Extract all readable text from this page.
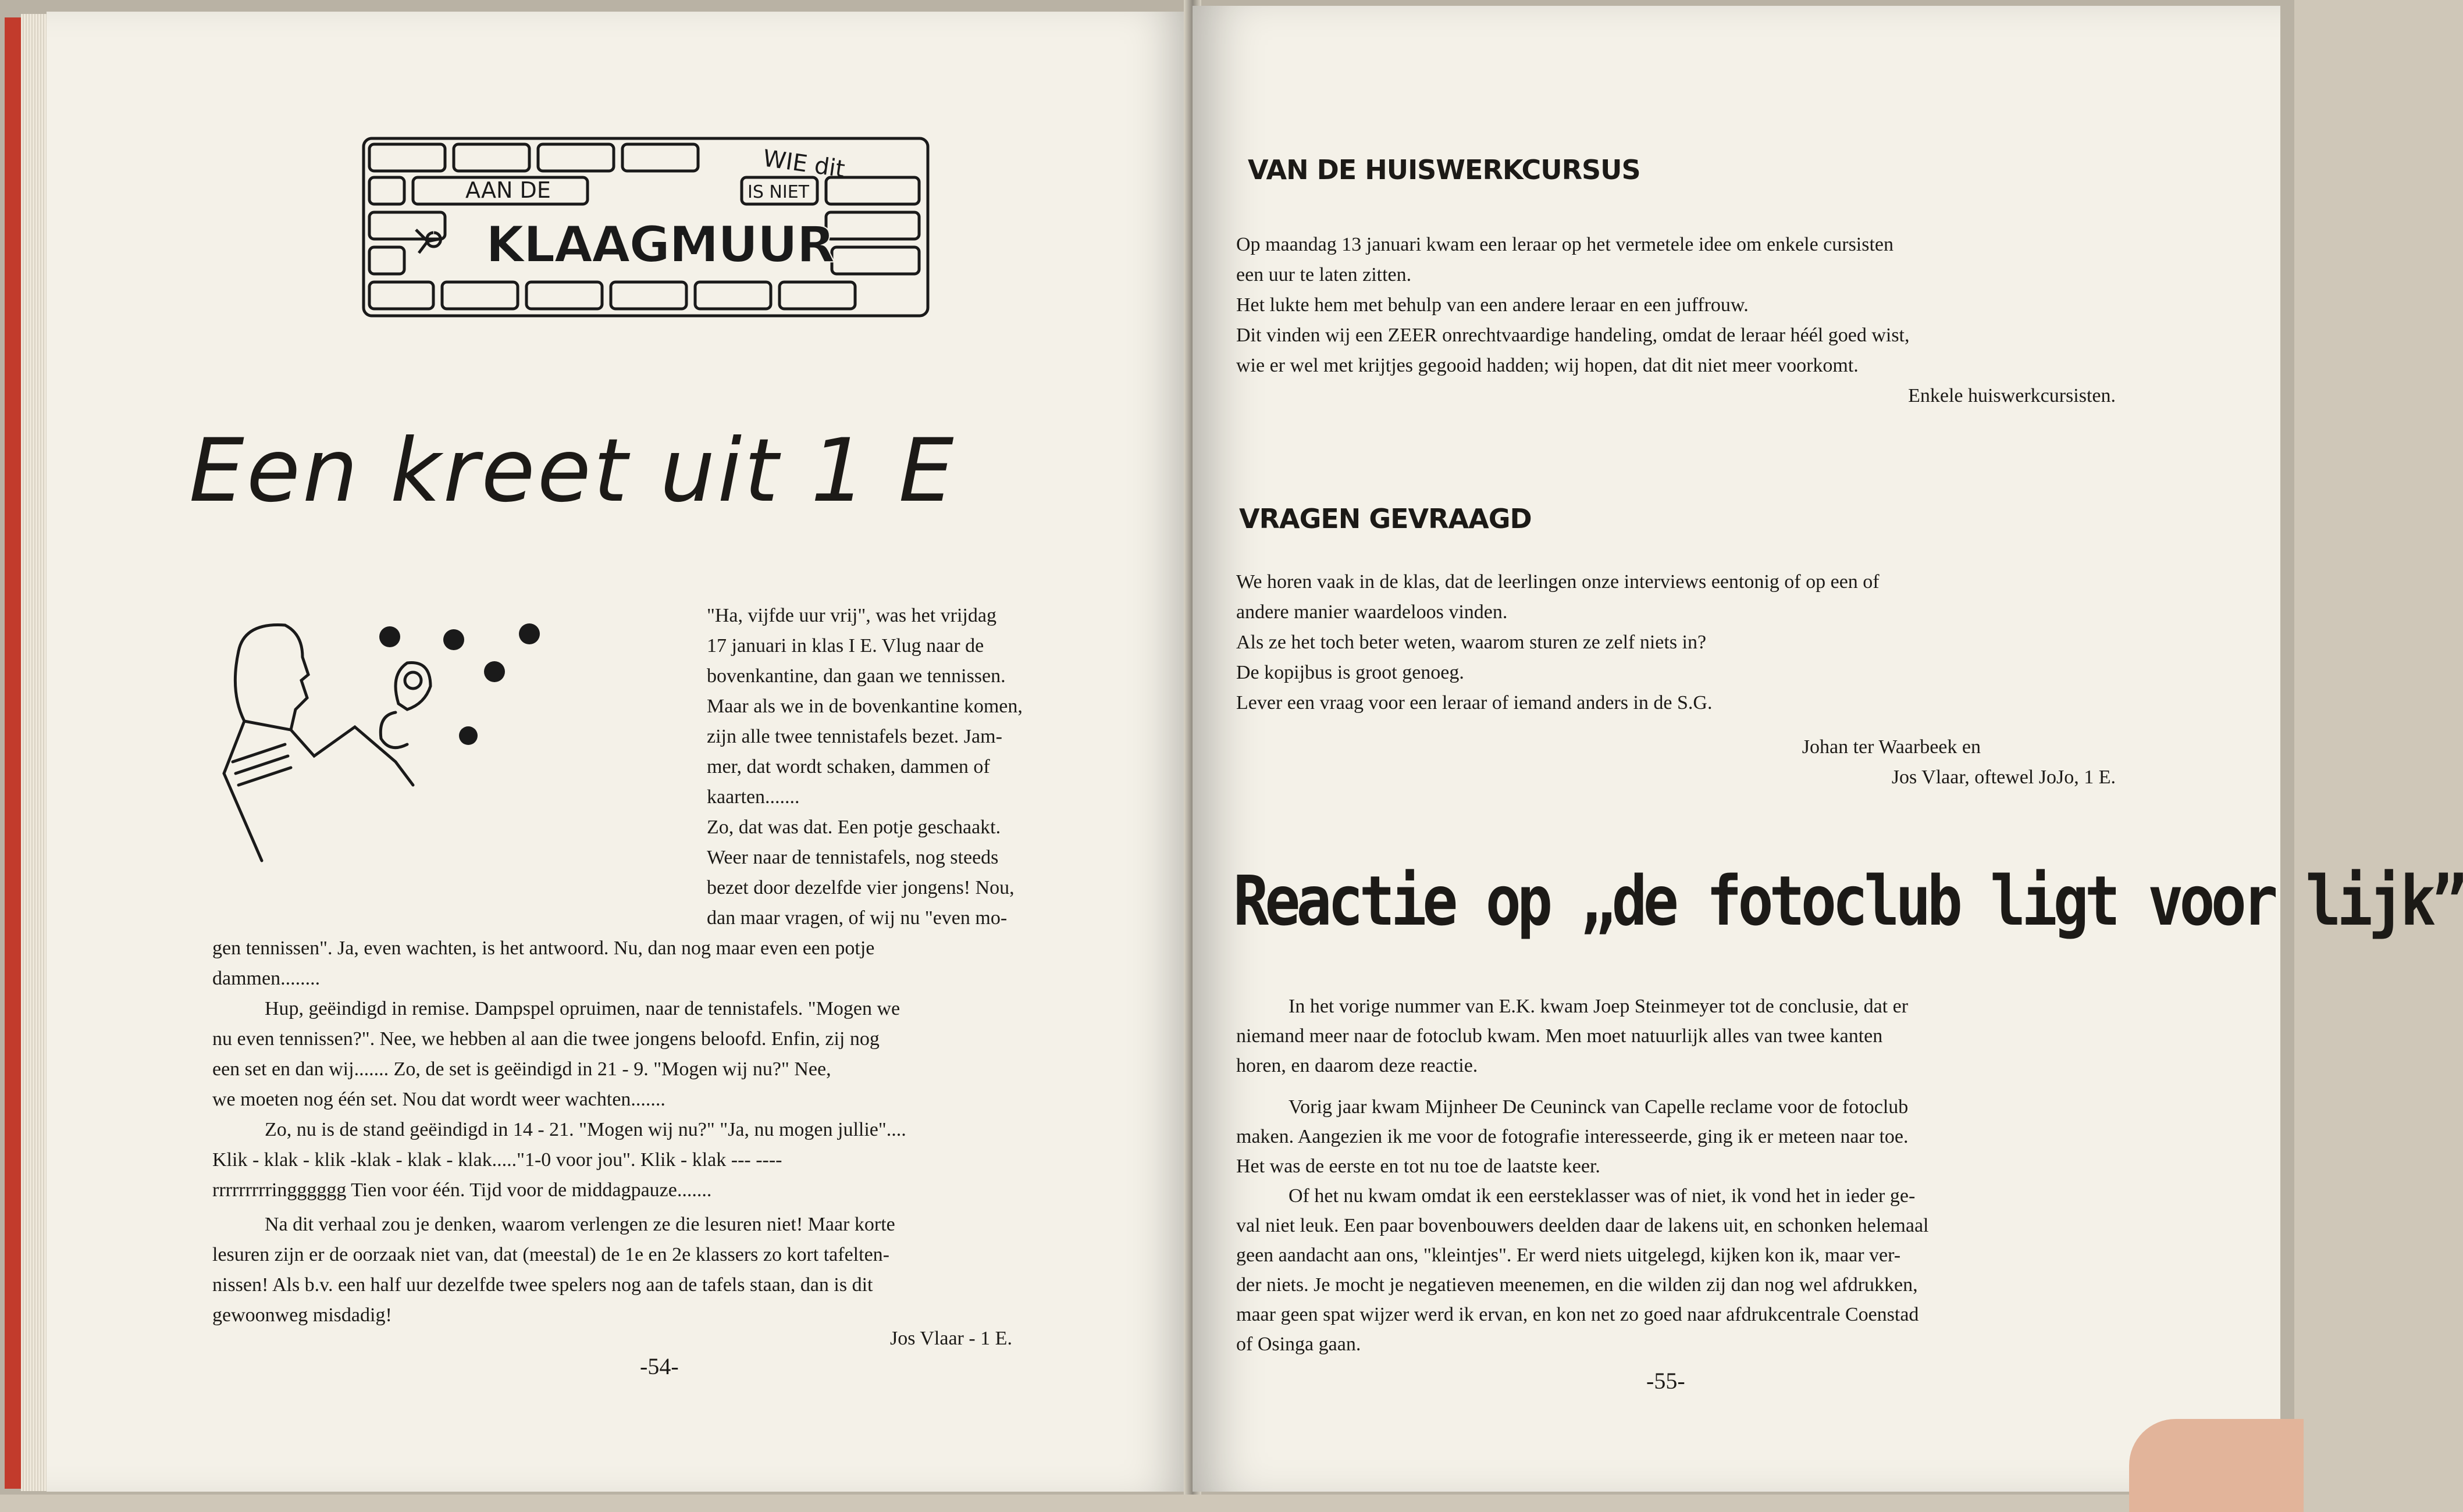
WIE dit
AAN DE	IS NIET
KLAAGMUUR
Een kreet uit 1 E

"Ha, vijfde uur vrij", was het vrijdag

17 januari in klas I E. Vlug naar de

bovenkantine, dan gaan we tennissen.

Maar als we in de bovenkantine komen,

zijn alle twee tennistafels bezet. Jam-

mer, dat wordt schaken, dammen of

kaarten.......

Zo, dat was dat. Een potje geschaakt.

Weer naar de tennistafels, nog steeds

bezet door dezelfde vier jongens! Nou,

dan maar vragen, of wij nu "even mo-

gen tennissen". Ja, even wachten, is het antwoord. Nu, dan nog maar even een potje

dammen........

Hup, geëindigd in remise. Dampspel opruimen, naar de tennistafels. "Mogen we

nu even tennissen?". Nee, we hebben al aan die twee jongens beloofd. Enfin, zij nog

een set en dan wij....... Zo, de set is geëindigd in 21 - 9. "Mogen wij nu?" Nee,

we moeten nog één set. Nou dat wordt weer wachten.......

Zo, nu is de stand geëindigd in 14 - 21. "Mogen wij nu?" "Ja, nu mogen jullie"....

Klik - klak - klik -klak - klak - klak....."1-0 voor jou". Klik - klak --- ----

rrrrrrrrringggggg Tien voor één. Tijd voor de middagpauze.......

Na dit verhaal zou je denken, waarom verlengen ze die lesuren niet! Maar korte

lesuren zijn er de oorzaak niet van, dat (meestal) de 1e en 2e klassers zo kort tafelten-

nissen! Als b.v. een half uur dezelfde twee spelers nog aan de tafels staan, dan is dit

gewoonweg misdadig!

Jos Vlaar - 1 E.

-54-

VAN DE HUISWERKCURSUS

Op maandag 13 januari kwam een leraar op het vermetele idee om enkele cursisten

een uur te laten zitten.

Het lukte hem met behulp van een andere leraar en een juffrouw.

Dit vinden wij een ZEER onrechtvaardige handeling, omdat de leraar héél goed wist,

wie er wel met krijtjes gegooid hadden; wij hopen, dat dit niet meer voorkomt.

Enkele huiswerkcursisten.

VRAGEN GEVRAAGD

We horen vaak in de klas, dat de leerlingen onze interviews eentonig of op een of

andere manier waardeloos vinden.

Als ze het toch beter weten, waarom sturen ze zelf niets in?

De kopijbus is groot genoeg.

Lever een vraag voor een leraar of iemand anders in de S.G.

Johan ter Waarbeek en

Jos Vlaar, oftewel JoJo, 1 E.

Reactie op „de fotoclub ligt voor lijk”

In het vorige nummer van E.K. kwam Joep Steinmeyer tot de conclusie, dat er

niemand meer naar de fotoclub kwam. Men moet natuurlijk alles van twee kanten

horen, en daarom deze reactie.

Vorig jaar kwam Mijnheer De Ceuninck van Capelle reclame voor de fotoclub

maken. Aangezien ik me voor de fotografie interesseerde, ging ik er meteen naar toe.

Het was de eerste en tot nu toe de laatste keer.

Of het nu kwam omdat ik een eersteklasser was of niet, ik vond het in ieder ge-

val niet leuk. Een paar bovenbouwers deelden daar de lakens uit, en schonken helemaal

geen aandacht aan ons, "kleintjes". Er werd niets uitgelegd, kijken kon ik, maar ver-

der niets. Je mocht je negatieven meenemen, en die wilden zij dan nog wel afdrukken,

maar geen spat wijzer werd ik ervan, en kon net zo goed naar afdrukcentrale Coenstad

of Osinga gaan.

-55-
